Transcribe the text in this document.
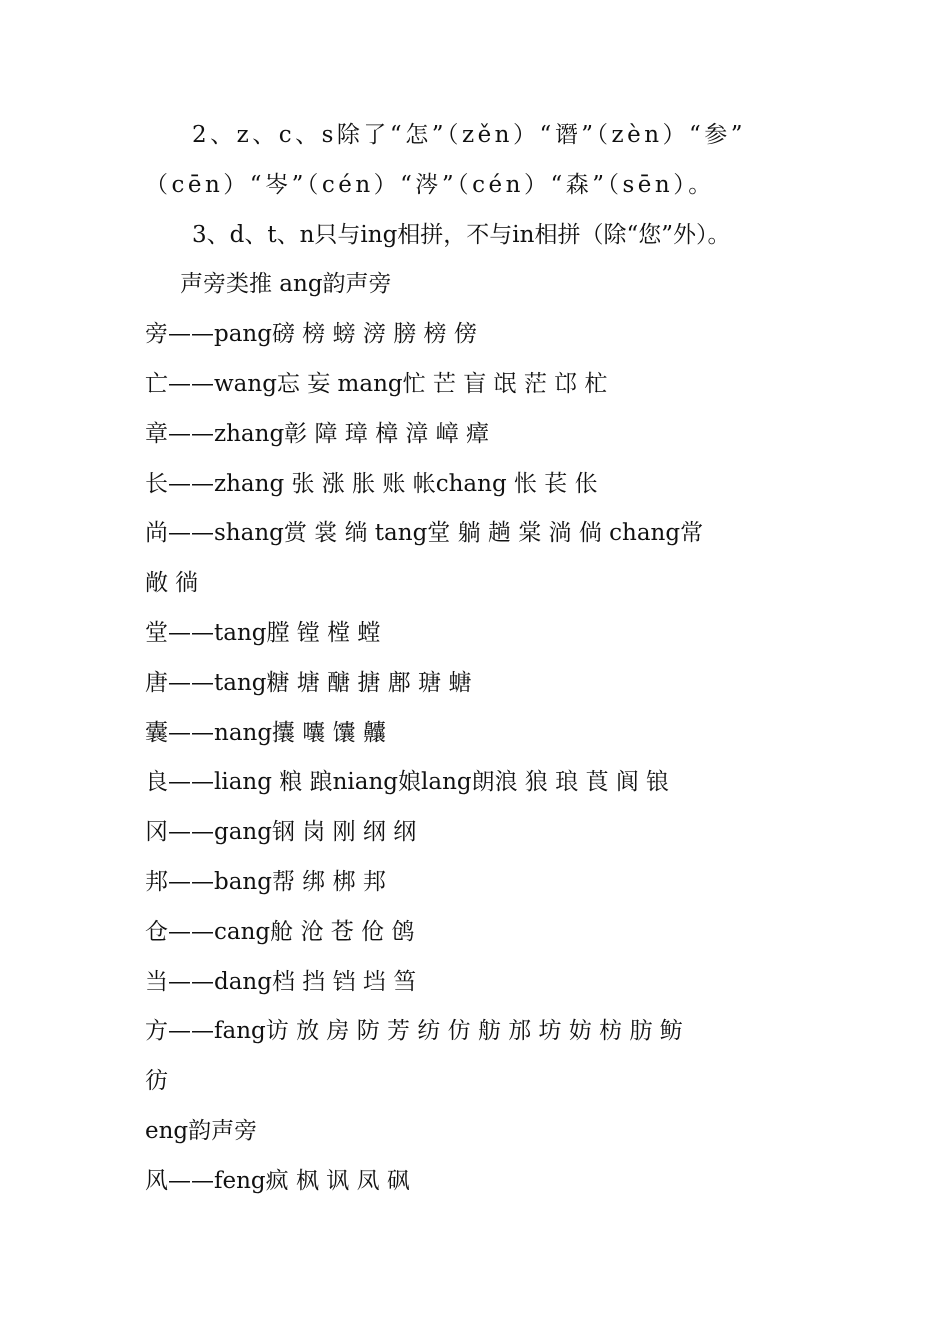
2、z、c、s除了“怎”（zěn）“谮”（zèn）“参”

（cēn）“岑”（cén）“涔”（cén）“森”（sēn）。

3、d、t、n只与ing相拼，不与in相拼（除“您”外）。

声旁类推 ang韵声旁

旁——pang磅 榜 螃 滂 膀 榜 傍

亡——wang忘 妄 mang忙 芒 盲 氓 茫 邙 杧

章——zhang彰 障 璋 樟 漳 嶂 瘴

长——zhang 张 涨 胀 账 帐chang 怅 苌 伥

尚——shang赏 裳 绱 tang堂 躺 趟 棠 淌 倘 chang常

敞 徜

堂——tang膛 镗 樘 螳

唐——tang糖 塘 醣 搪 鄌 瑭 螗

囊——nang攮 囔 馕 齉

良——liang 粮 踉niang娘lang朗浪 狼 琅 莨 阆 锒

冈——gang钢 岗 刚 纲 纲

邦——bang帮 绑 梆 邦

仓——cang舱 沧 苍 伧 鸧

当——dang档 挡 铛 垱 筜

方——fang访 放 房 防 芳 纺 仿 舫 邡 坊 妨 枋 肪 鲂

彷

eng韵声旁

风——feng疯 枫 讽 凤 砜
